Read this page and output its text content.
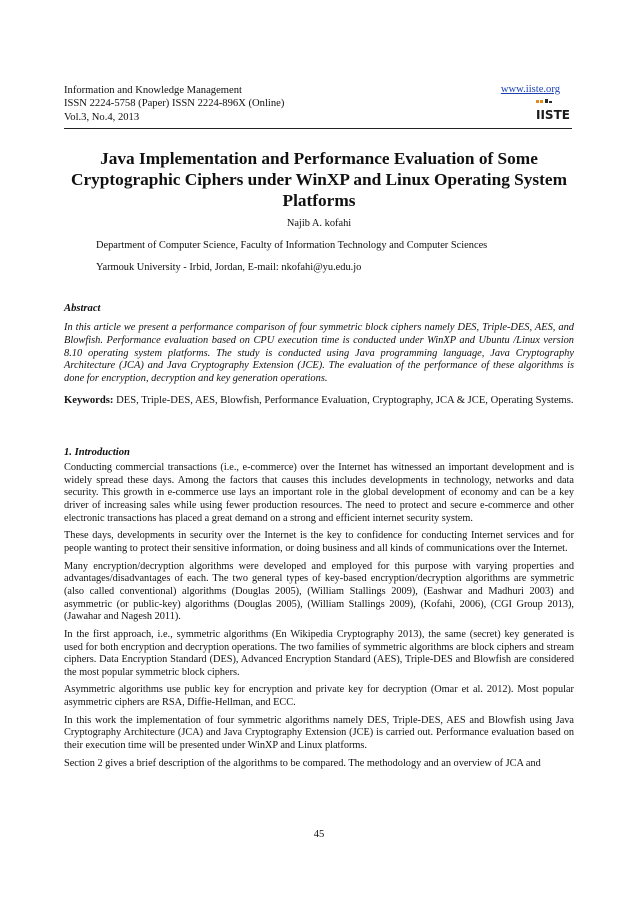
Information and Knowledge Management
ISSN 2224-5758 (Paper) ISSN 2224-896X (Online)
Vol.3, No.4, 2013
www.iiste.org
IISTE
Java Implementation and Performance Evaluation of Some Cryptographic Ciphers under WinXP and Linux Operating System Platforms
Najib A. kofahi
Department of Computer Science, Faculty of Information Technology and Computer Sciences
Yarmouk University - Irbid, Jordan, E-mail: nkofahi@yu.edu.jo
Abstract
In this article we present a performance comparison of four symmetric block ciphers namely DES, Triple-DES, AES, and Blowfish. Performance evaluation based on CPU execution time is conducted under WinXP and Ubuntu /Linux version 8.10 operating system platforms. The study is conducted using Java programming language, Java Cryptography Architecture (JCA) and Java Cryptography Extension (JCE). The evaluation of the performance of these algorithms is done for encryption, decryption and key generation operations.
Keywords: DES, Triple-DES, AES, Blowfish, Performance Evaluation, Cryptography, JCA & JCE, Operating Systems.
1. Introduction

Conducting commercial transactions (i.e., e-commerce) over the Internet has witnessed an important development and is widely spread these days. Among the factors that causes this includes developments in technology, networks and data security. This growth in e-commerce use lays an important role in the global development of economy and can be a key driver of increasing sales while using fewer production resources. The need to protect and secure e-commerce and other electronic transactions has placed a great demand on a strong and efficient internet security system.

These days, developments in security over the Internet is the key to confidence for conducting Internet services and for people wanting to protect their sensitive information, or doing business and all kinds of communications over the Internet.

Many encryption/decryption algorithms were developed and employed for this purpose with varying properties and advantages/disadvantages of each. The two general types of key-based encryption/decryption algorithms are symmetric (also called conventional) algorithms (Douglas 2005), (William Stallings 2009), (Eashwar and Madhuri 2003) and asymmetric (or public-key) algorithms (Douglas 2005), (William Stallings 2009), (Kofahi, 2006), (CGI Group 2013), (Jawahar and Nagesh 2011).

In the first approach, i.e., symmetric algorithms (En Wikipedia Cryptography 2013), the same (secret) key generated is used for both encryption and decryption operations. The two families of symmetric algorithms are block ciphers and stream ciphers. Data Encryption Standard (DES), Advanced Encryption Standard (AES), Triple-DES and Blowfish are considered the most popular symmetric block ciphers.

Asymmetric algorithms use public key for encryption and private key for decryption (Omar et al. 2012). Most popular asymmetric ciphers are RSA, Diffie-Hellman, and ECC.

In this work the implementation of four symmetric algorithms namely DES, Triple-DES, AES and Blowfish using Java Cryptography Architecture (JCA) and Java Cryptography Extension (JCE) is carried out. Performance evaluation based on their execution time will be presented under WinXP and Linux platforms.

Section 2 gives a brief description of the algorithms to be compared. The methodology and an overview of JCA and

45
